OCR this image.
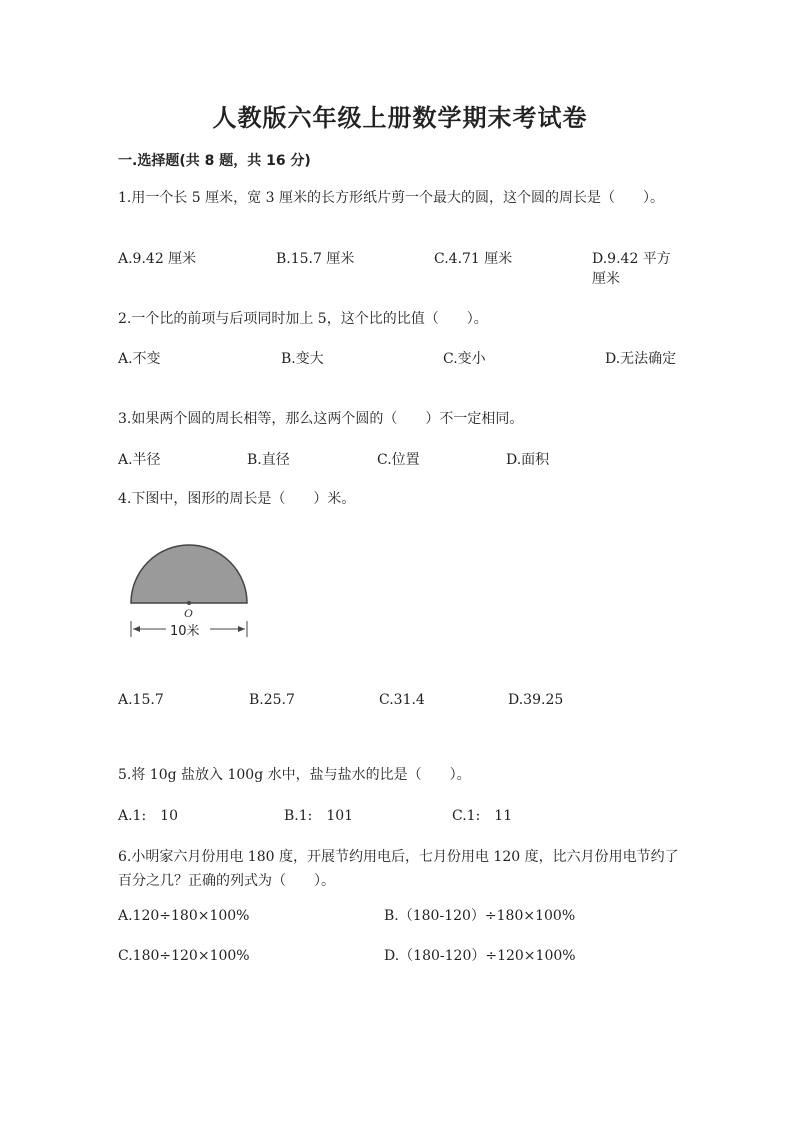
人教版六年级上册数学期末考试卷
一.选择题(共 8 题，共 16 分)
1.用一个长 5 厘米，宽 3 厘米的长方形纸片剪一个最大的圆，这个圆的周长是（　　）。
A.9.42 厘米	B.15.7 厘米	C.4.71 厘米	D.9.42 平方厘米
2.一个比的前项与后项同时加上 5，这个比的比值（　　）。
A.不变	B.变大	C.变小	D.无法确定
3.如果两个圆的周长相等，那么这两个圆的（　　）不一定相同。
A.半径	B.直径	C.位置	D.面积
4.下图中，图形的周长是（　　）米。
O
10米
A.15.7	B.25.7	C.31.4	D.39.25
5.将 10g 盐放入 100g 水中，盐与盐水的比是（　　）。
A.1:　10	B.1:　101	C.1:　11
6.小明家六月份用电 180 度，开展节约用电后，七月份用电 120 度，比六月份用电节约了百分之几？正确的列式为（　　）。
A.120÷180×100%	B.（180-120）÷180×100%
C.180÷120×100%	D.（180-120）÷120×100%
